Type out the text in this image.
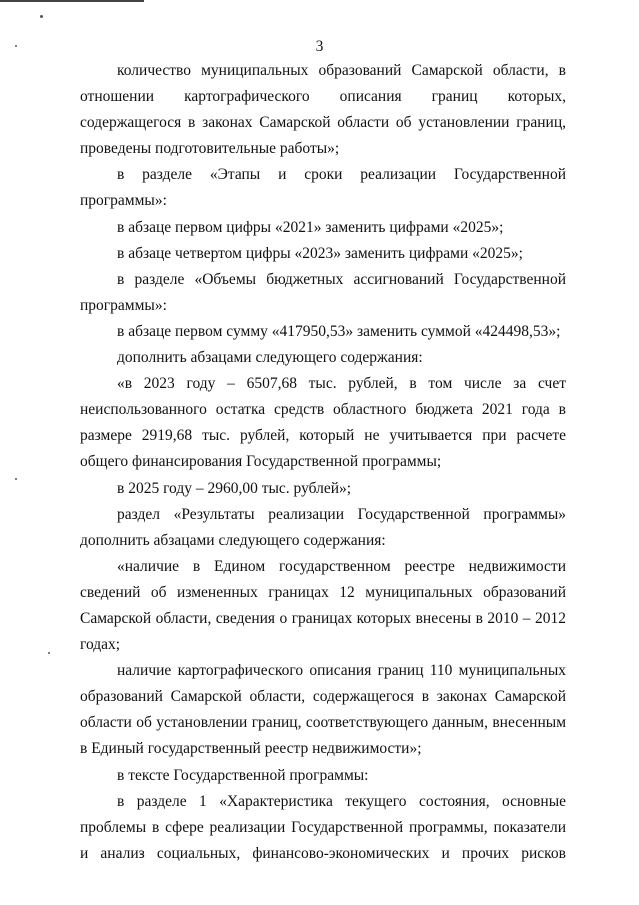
3

количество муниципальных образований Самарской области, в отношении картографического описания границ которых, содержащегося в законах Самарской области об установлении границ, проведены подготовительные работы»;

в разделе «Этапы и сроки реализации Государственной программы»:

в абзаце первом цифры «2021» заменить цифрами «2025»;

в абзаце четвертом цифры «2023» заменить цифрами «2025»;

в разделе «Объемы бюджетных ассигнований Государственной программы»:

в абзаце первом сумму «417950,53» заменить суммой «424498,53»;

дополнить абзацами следующего содержания:

«в 2023 году – 6507,68 тыс. рублей, в том числе за счет неиспользованного остатка средств областного бюджета 2021 года в размере 2919,68 тыс. рублей, который не учитывается при расчете общего финансирования Государственной программы;

в 2025 году – 2960,00 тыс. рублей»;

раздел «Результаты реализации Государственной программы» дополнить абзацами следующего содержания:

«наличие в Едином государственном реестре недвижимости сведений об измененных границах 12 муниципальных образований Самарской области, сведения о границах которых внесены в 2010 – 2012 годах;

наличие картографического описания границ 110 муниципальных образований Самарской области, содержащегося в законах Самарской области об установлении границ, соответствующего данным, внесенным в Единый государственный реестр недвижимости»;

в тексте Государственной программы:

в разделе 1 «Характеристика текущего состояния, основные проблемы в сфере реализации Государственной программы, показатели и анализ социальных, финансово-экономических и прочих рисков
